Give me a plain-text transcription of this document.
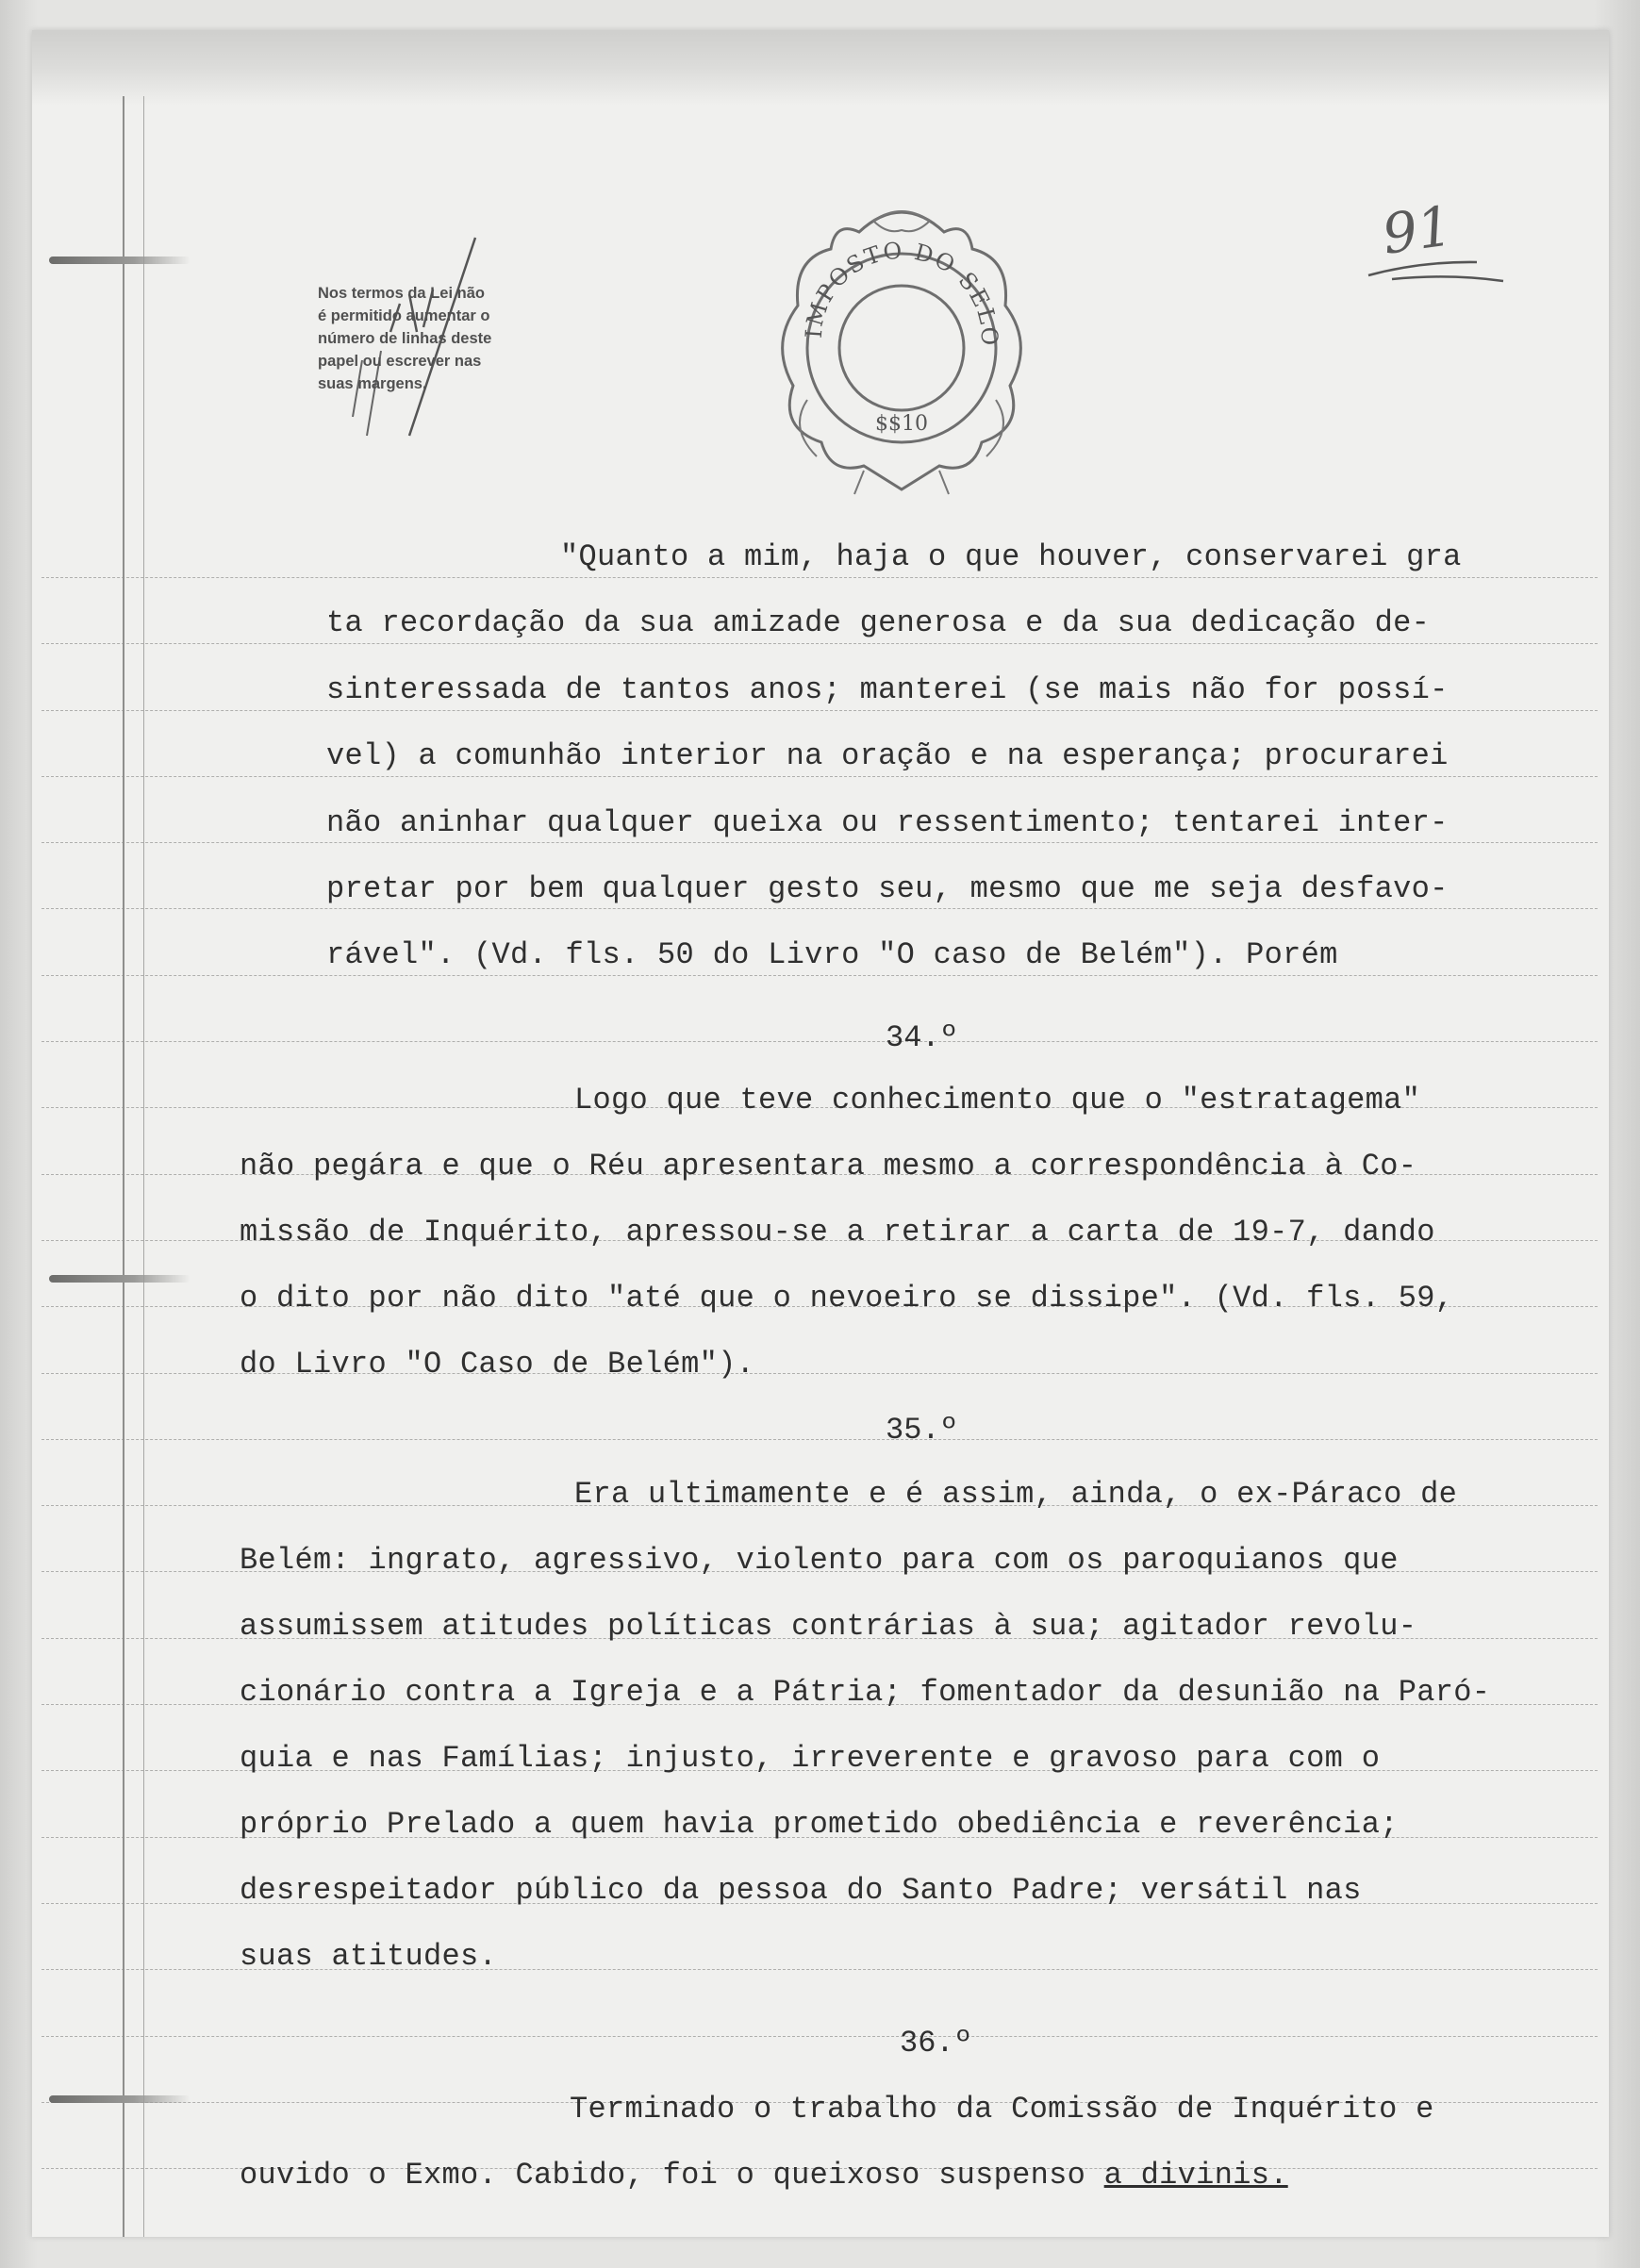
Nos termos da Lei não
é permitido aumentar o
número de linhas deste
papel ou escrever nas
suas margens.
IMPOSTO DO SELO
$$10
91
"Quanto a mim, haja o que houver, conservarei gra
ta recordação da sua amizade generosa e da sua dedicação de-
sinteressada de tantos anos; manterei (se mais não for possí-
vel) a comunhão interior na oração e na esperança; procurarei
não aninhar qualquer queixa ou ressentimento; tentarei inter-
pretar por bem qualquer gesto seu, mesmo que me seja desfavo-
rável". (Vd. fls. 50 do Livro "O caso de Belém"). Porém
34.º
Logo que teve conhecimento que o "estratagema"
não pegára e que o Réu apresentara mesmo a correspondência à Co-
missão de Inquérito, apressou-se a retirar a carta de 19-7, dando
o dito por não dito "até que o nevoeiro se dissipe". (Vd. fls. 59,
do Livro "O Caso de Belém").
35.º
Era ultimamente e é assim, ainda, o ex-Páraco de
Belém: ingrato, agressivo, violento para com os paroquianos que
assumissem atitudes políticas contrárias à sua; agitador revolu-
cionário contra a Igreja e a Pátria; fomentador da desunião na Paró-
quia e nas Famílias; injusto, irreverente e gravoso para com o
próprio Prelado a quem havia prometido obediência e reverência;
desrespeitador público da pessoa do Santo Padre; versátil nas
suas atitudes.
36.º
Terminado o trabalho da Comissão de Inquérito e
ouvido o Exmo. Cabido, foi o queixoso suspenso a divinis.
